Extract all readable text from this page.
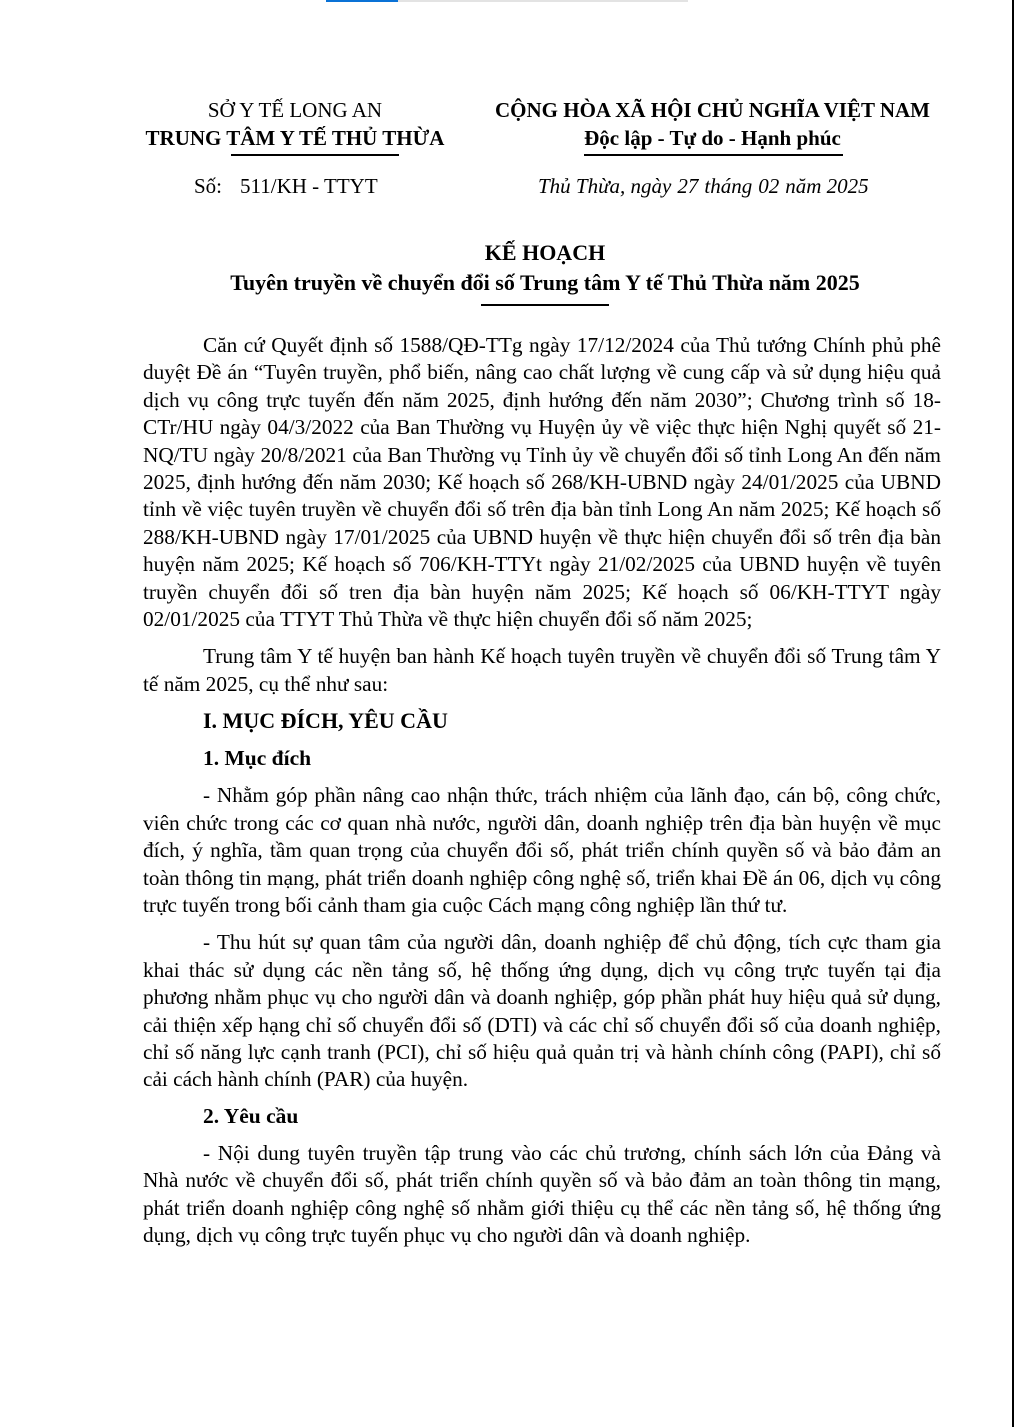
SỞ Y TẾ LONG AN
TRUNG TÂM Y TẾ THỦ THỪA
CỘNG HÒA XÃ HỘI CHỦ NGHĨA VIỆT NAM
Độc lập - Tự do - Hạnh phúc
Số: 511/KH - TTYT	Thủ Thừa, ngày 27 tháng 02 năm 2025
KẾ HOẠCH
Tuyên truyền về chuyển đổi số Trung tâm Y tế Thủ Thừa năm 2025

Căn cứ Quyết định số 1588/QĐ-TTg ngày 17/12/2024 của Thủ tướng Chính phủ phê duyệt Đề án “Tuyên truyền, phổ biến, nâng cao chất lượng về cung cấp và sử dụng hiệu quả dịch vụ công trực tuyến đến năm 2025, định hướng đến năm 2030”; Chương trình số 18-CTr/HU ngày 04/3/2022 của Ban Thường vụ Huyện ủy về việc thực hiện Nghị quyết số 21-NQ/TU ngày 20/8/2021 của Ban Thường vụ Tỉnh ủy về chuyển đổi số tỉnh Long An đến năm 2025, định hướng đến năm 2030; Kế hoạch số 268/KH-UBND ngày 24/01/2025 của UBND tỉnh về việc tuyên truyền về chuyển đổi số trên địa bàn tỉnh Long An năm 2025; Kế hoạch số 288/KH-UBND ngày 17/01/2025 của UBND huyện về thực hiện chuyển đổi số trên địa bàn huyện năm 2025; Kế hoạch số 706/KH-TTYt ngày 21/02/2025 của UBND huyện về tuyên truyền chuyển đổi số tren địa bàn huyện năm 2025; Kế hoạch số 06/KH-TTYT ngày 02/01/2025 của TTYT Thủ Thừa về thực hiện chuyển đổi số năm 2025;

Trung tâm Y tế huyện ban hành Kế hoạch tuyên truyền về chuyển đổi số Trung tâm Y tế năm 2025, cụ thể như sau:

I. MỤC ĐÍCH, YÊU CẦU
1. Mục đích

- Nhằm góp phần nâng cao nhận thức, trách nhiệm của lãnh đạo, cán bộ, công chức, viên chức trong các cơ quan nhà nước, người dân, doanh nghiệp trên địa bàn huyện về mục đích, ý nghĩa, tầm quan trọng của chuyển đổi số, phát triển chính quyền số và bảo đảm an toàn thông tin mạng, phát triển doanh nghiệp công nghệ số, triển khai Đề án 06, dịch vụ công trực tuyến trong bối cảnh tham gia cuộc Cách mạng công nghiệp lần thứ tư.

- Thu hút sự quan tâm của người dân, doanh nghiệp để chủ động, tích cực tham gia khai thác sử dụng các nền tảng số, hệ thống ứng dụng, dịch vụ công trực tuyến tại địa phương nhằm phục vụ cho người dân và doanh nghiệp, góp phần phát huy hiệu quả sử dụng, cải thiện xếp hạng chỉ số chuyển đổi số (DTI) và các chỉ số chuyển đổi số của doanh nghiệp, chỉ số năng lực cạnh tranh (PCI), chỉ số hiệu quả quản trị và hành chính công (PAPI), chỉ số cải cách hành chính (PAR) của huyện.

2. Yêu cầu

- Nội dung tuyên truyền tập trung vào các chủ trương, chính sách lớn của Đảng và Nhà nước về chuyển đổi số, phát triển chính quyền số và bảo đảm an toàn thông tin mạng, phát triển doanh nghiệp công nghệ số nhằm giới thiệu cụ thể các nền tảng số, hệ thống ứng dụng, dịch vụ công trực tuyến phục vụ cho người dân và doanh nghiệp.
